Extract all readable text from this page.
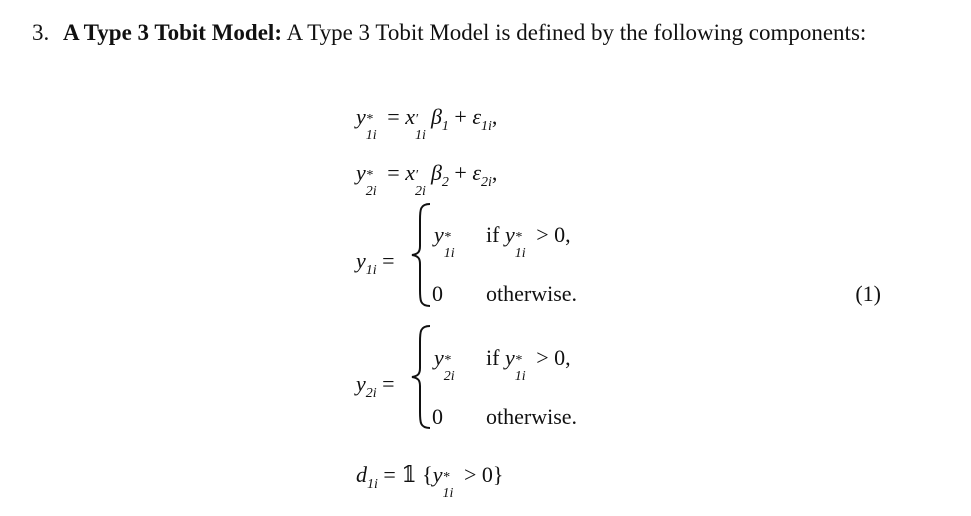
3. A Type 3 Tobit Model: A Type 3 Tobit Model is defined by the following components:
y *
1i
= x ′
1i
$\beta_1 + \varepsilon_{1i}$,
y *
2i
= x ′
2i
$\beta_2 + \varepsilon_{2i}$,
$y_{1i}$ =
y *
1i
if y *
1i
> 0,
0 otherwise.	(1)
$y_{2i}$ =
y *
2i
if y *
1i
> 0,
0 otherwise.
$d_{1i}$ = 𝟙 {y *
1i
> 0}
